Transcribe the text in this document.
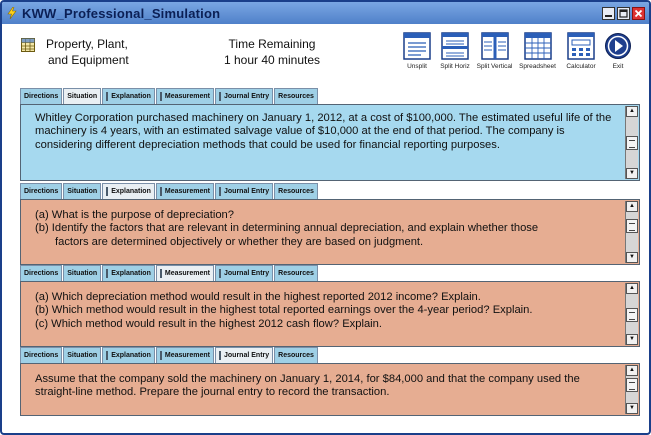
KWW_Professional_Simulation
Property, Plant,
and Equipment
Time Remaining
1 hour 40 minutes	Unsplit Split Horiz Split Vertical Spreadsheet Calculator	Exit
Directions	Situation	Explanation Measurement Journal Entry	Resources
Whitley Corporation purchased machinery on January 1, 2012, at a cost of $100,000. The estimated useful life of the machinery is 4 years, with an estimated salvage value of $10,000 at the end of that period. The company is considering different depreciation methods that could be used for financial reporting purposes.
▲
▼
Directions	Situation	Explanation Measurement Journal Entry	Resources
(a) What is the purpose of depreciation?
(b) Identify the factors that are relevant in determining annual depreciation, and explain whether those
factors are determined objectively or whether they are based on judgment.
▲
▼
Directions	Situation	Explanation Measurement Journal Entry	Resources
(a) Which depreciation method would result in the highest reported 2012 income? Explain.
(b) Which method would result in the highest total reported earnings over the 4-year period? Explain.
(c) Which method would result in the highest 2012 cash flow? Explain.
▲
▼
Directions	Situation	Explanation Measurement Journal Entry	Resources
Assume that the company sold the machinery on January 1, 2014, for $84,000 and that the company used the straight-line method. Prepare the journal entry to record the transaction.
▲
▼
